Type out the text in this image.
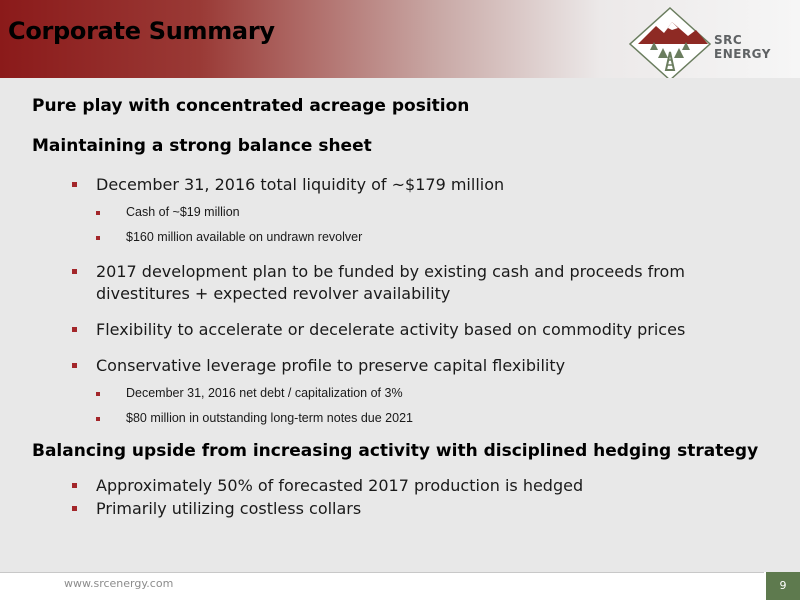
Corporate Summary	SRC ENERGY
Pure play with concentrated acreage position
Maintaining a strong balance sheet
December 31, 2016 total liquidity of ~$179 million
Cash of ~$19 million
$160 million available on undrawn revolver
2017 development plan to be funded by existing cash and proceeds from divestitures + expected revolver availability
Flexibility to accelerate or decelerate activity based on commodity prices
Conservative leverage profile to preserve capital flexibility
December 31, 2016 net debt / capitalization of 3%
$80 million in outstanding long-term notes due 2021
Balancing upside from increasing activity with disciplined hedging strategy
Approximately 50% of forecasted 2017 production is hedged
Primarily utilizing costless collars
www.srcenergy.com	9
